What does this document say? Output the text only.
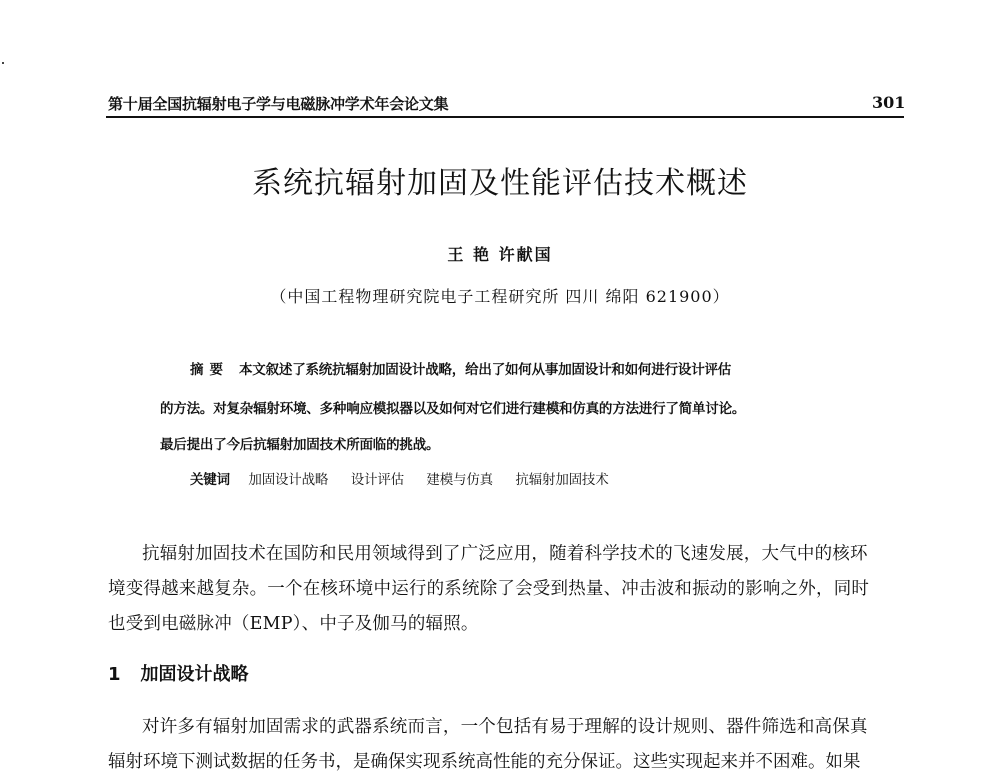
第十届全国抗辐射电子学与电磁脉冲学术年会论文集	301
系统抗辐射加固及性能评估技术概述
王 艳 许献国
（中国工程物理研究院电子工程研究所 四川 绵阳 621900）
摘要 本文叙述了系统抗辐射加固设计战略，给出了如何从事加固设计和如何进行设计评估
的方法。对复杂辐射环境、多种响应模拟器以及如何对它们进行建模和仿真的方法进行了简单讨论。
最后提出了今后抗辐射加固技术所面临的挑战。
关键词 加固设计战略 设计评估 建模与仿真 抗辐射加固技术
抗辐射加固技术在国防和民用领域得到了广泛应用，随着科学技术的飞速发展，大气中的核环
境变得越来越复杂。一个在核环境中运行的系统除了会受到热量、冲击波和振动的影响之外，同时
也受到电磁脉冲（EMP）、中子及伽马的辐照。
1 加固设计战略
对许多有辐射加固需求的武器系统而言，一个包括有易于理解的设计规则、器件筛选和高保真
辐射环境下测试数据的任务书，是确保实现系统高性能的充分保证。这些实现起来并不困难。如果
